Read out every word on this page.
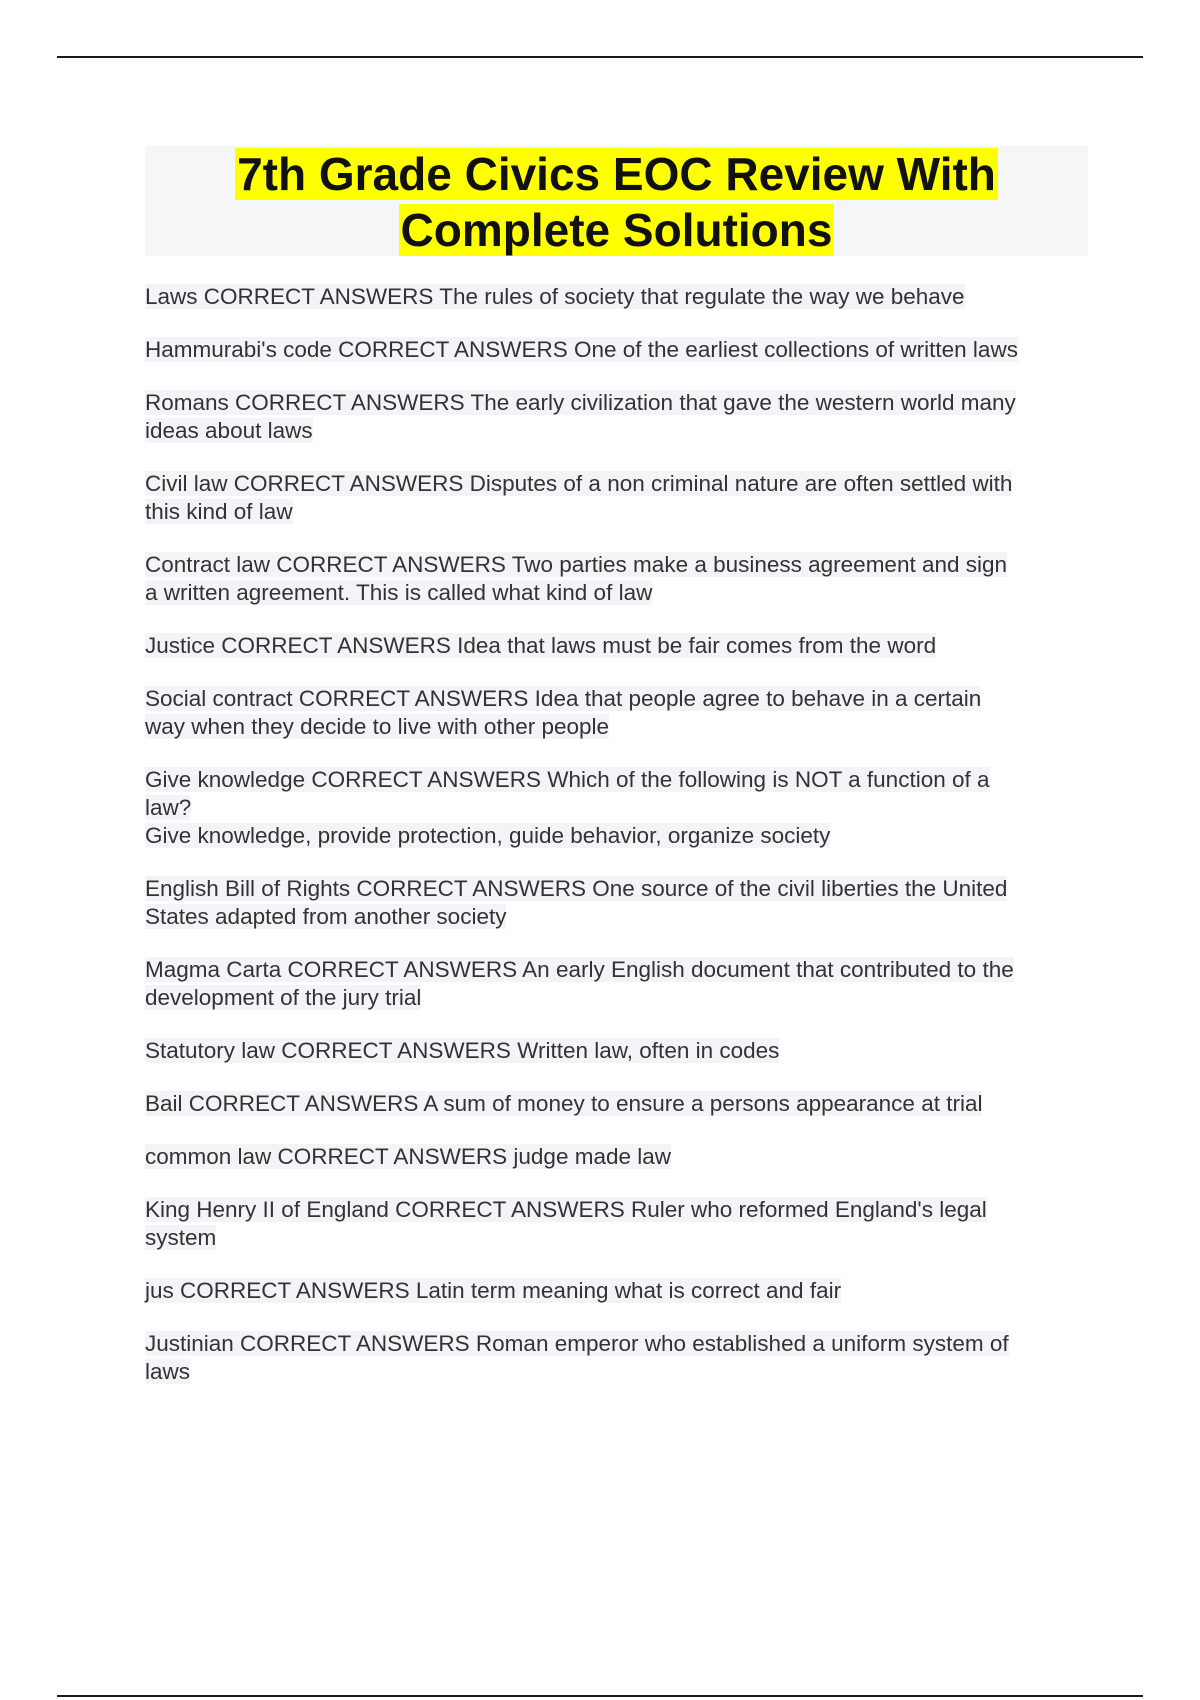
7th Grade Civics EOC Review With
Complete Solutions

Laws CORRECT ANSWERS The rules of society that regulate the way we behave

Hammurabi's code CORRECT ANSWERS One of the earliest collections of written laws

Romans CORRECT ANSWERS The early civilization that gave the western world many
ideas about laws

Civil law CORRECT ANSWERS Disputes of a non criminal nature are often settled with
this kind of law

Contract law CORRECT ANSWERS Two parties make a business agreement and sign
a written agreement. This is called what kind of law

Justice CORRECT ANSWERS Idea that laws must be fair comes from the word

Social contract CORRECT ANSWERS Idea that people agree to behave in a certain
way when they decide to live with other people

Give knowledge CORRECT ANSWERS Which of the following is NOT a function of a
law?
Give knowledge, provide protection, guide behavior, organize society

English Bill of Rights CORRECT ANSWERS One source of the civil liberties the United
States adapted from another society

Magma Carta CORRECT ANSWERS An early English document that contributed to the
development of the jury trial

Statutory law CORRECT ANSWERS Written law, often in codes

Bail CORRECT ANSWERS A sum of money to ensure a persons appearance at trial

common law CORRECT ANSWERS judge made law

King Henry II of England CORRECT ANSWERS Ruler who reformed England's legal
system

jus CORRECT ANSWERS Latin term meaning what is correct and fair

Justinian CORRECT ANSWERS Roman emperor who established a uniform system of
laws
